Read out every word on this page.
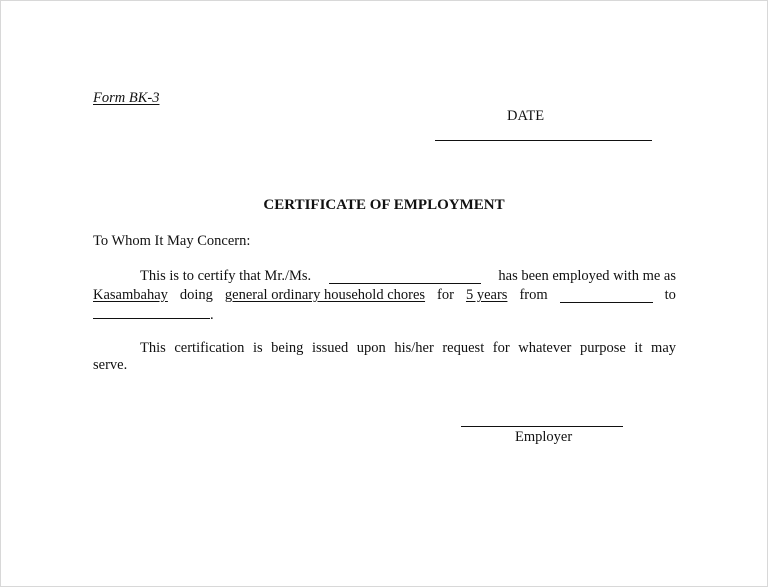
Form BK-3
DATE
CERTIFICATE OF EMPLOYMENT
To Whom It May Concern:
This is to certify that Mr./Ms.	has been employed with me as
Kasambahay doing general ordinary household chores for 5 years from	to
.
This certification is being issued upon his/her request for whatever purpose it may
serve.
Employer
